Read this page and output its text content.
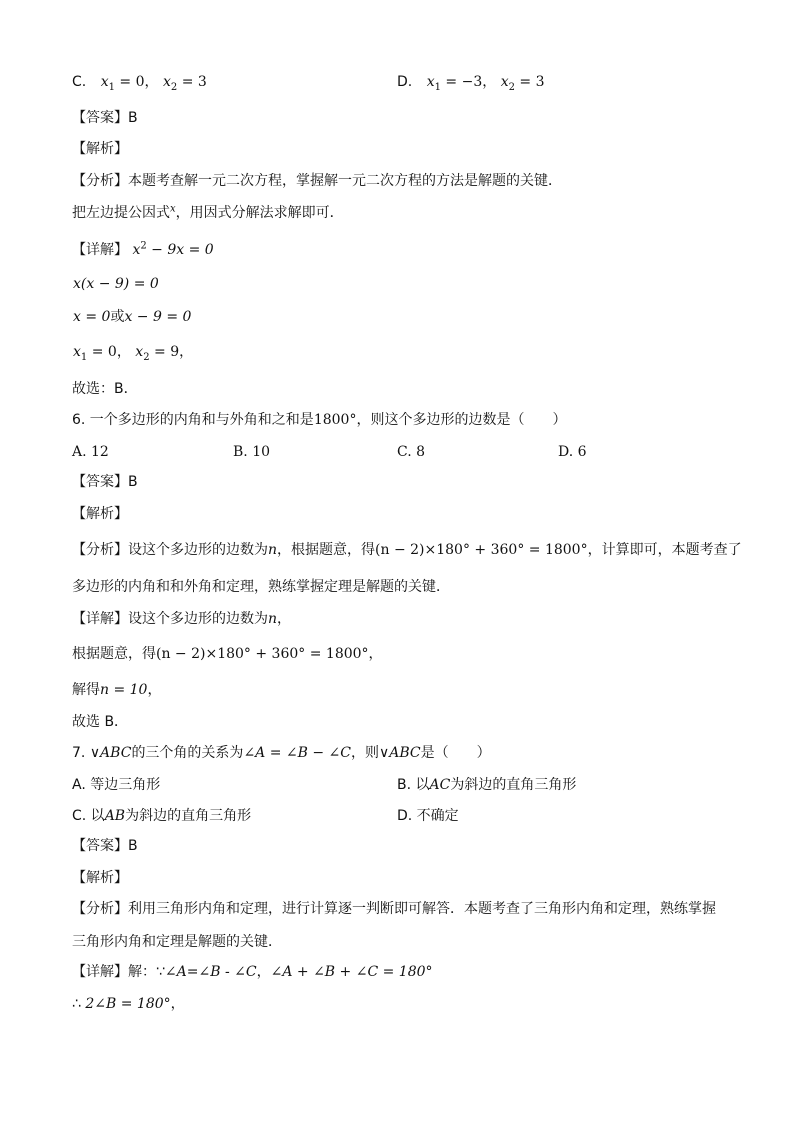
C. $x_1 = 0$， $x_2 = 3$	D. $x_1 = -3$， $x_2 = 3$
【答案】B
【解析】
【分析】本题考查解一元二次方程，掌握解一元二次方程的方法是解题的关键．
把左边提公因式$^x$，用因式分解法求解即可．
【详解】 $x^2 - 9x = 0$
x(x − 9) = 0
x = 0或x − 9 = 0
$x_1 = 0$， $x_2 = 9$，
故选：B．
6. 一个多边形的内角和与外角和之和是1800°，则这个多边形的边数是（　　）
A. 12	B. 10	C. 8	D. 6
【答案】B
【解析】
【分析】设这个多边形的边数为n，根据题意，得(n − 2)×180° + 360° = 1800°，计算即可，本题考查了
多边形的内角和和外角和定理，熟练掌握定理是解题的关键．
【详解】设这个多边形的边数为n，
根据题意，得(n − 2)×180° + 360° = 1800°，
解得n = 10，
故选 B．
7. ∨ABC的三个角的关系为∠A = ∠B − ∠C，则∨ABC是（　　）
A. 等边三角形	B. 以AC为斜边的直角三角形
C. 以AB为斜边的直角三角形	D. 不确定
【答案】B
【解析】
【分析】利用三角形内角和定理，进行计算逐一判断即可解答．本题考查了三角形内角和定理，熟练掌握
三角形内角和定理是解题的关键．
【详解】解：∵∠A=∠B - ∠C，∠A + ∠B + ∠C = 180°
∴ 2∠B = 180°，
